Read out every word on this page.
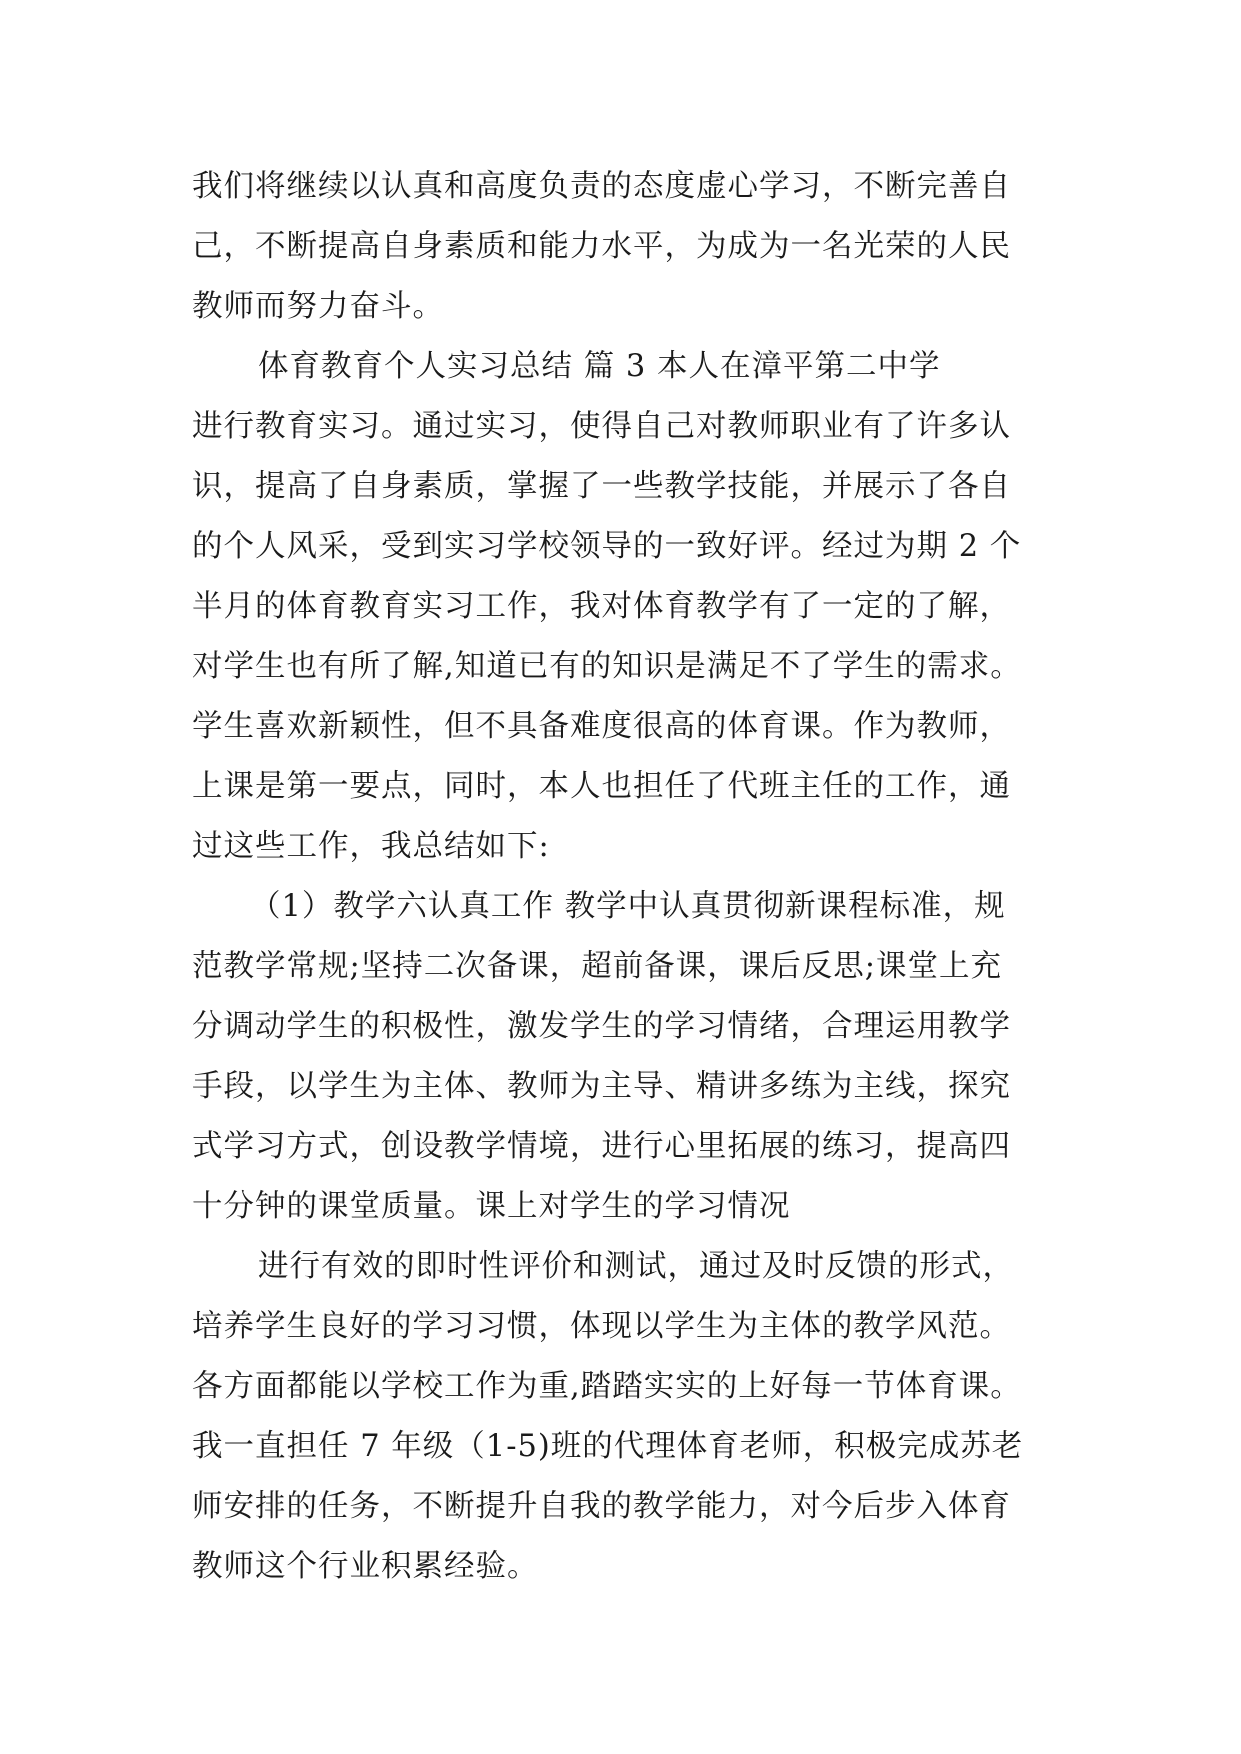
我们将继续以认真和高度负责的态度虚心学习，不断完善自
己，不断提高自身素质和能力水平，为成为一名光荣的人民
教师而努力奋斗。
体育教育个人实习总结 篇 3 本人在漳平第二中学
进行教育实习。通过实习，使得自己对教师职业有了许多认
识，提高了自身素质，掌握了一些教学技能，并展示了各自
的个人风采，受到实习学校领导的一致好评。经过为期 2 个
半月的体育教育实习工作，我对体育教学有了一定的了解，
对学生也有所了解,知道已有的知识是满足不了学生的需求。
学生喜欢新颖性，但不具备难度很高的体育课。作为教师，
上课是第一要点，同时，本人也担任了代班主任的工作，通
过这些工作，我总结如下:
（1）教学六认真工作 教学中认真贯彻新课程标准，规
范教学常规;坚持二次备课，超前备课，课后反思;课堂上充
分调动学生的积极性，激发学生的学习情绪，合理运用教学
手段，以学生为主体、教师为主导、精讲多练为主线，探究
式学习方式，创设教学情境，进行心里拓展的练习，提高四
十分钟的课堂质量。课上对学生的学习情况
进行有效的即时性评价和测试，通过及时反馈的形式，
培养学生良好的学习习惯，体现以学生为主体的教学风范。
各方面都能以学校工作为重,踏踏实实的上好每一节体育课。
我一直担任 7 年级（1-5)班的代理体育老师，积极完成苏老
师安排的任务，不断提升自我的教学能力，对今后步入体育
教师这个行业积累经验。
